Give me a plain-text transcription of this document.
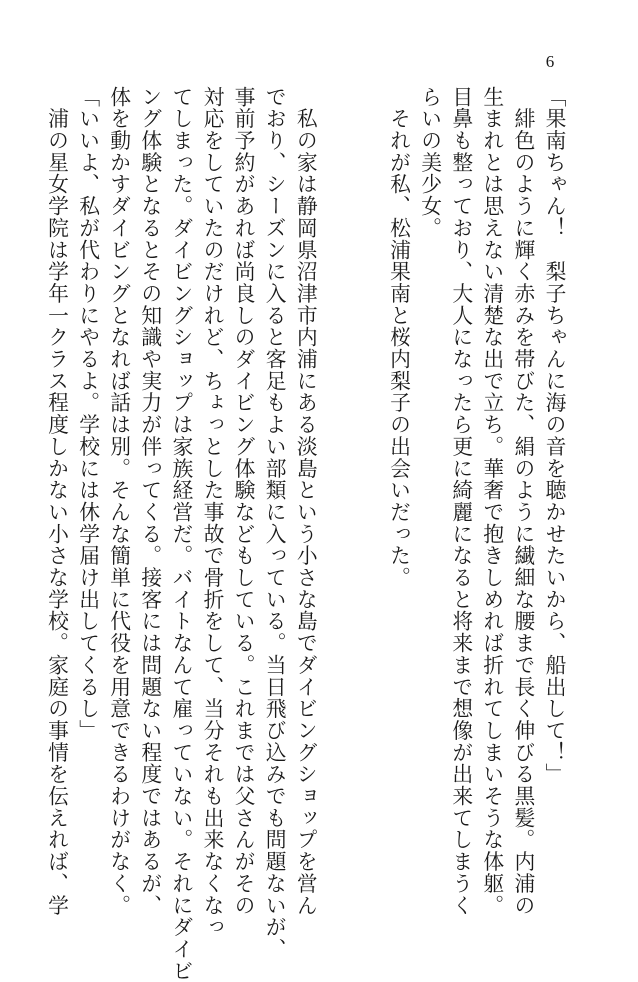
6
「果南ちゃん！　梨子ちゃんに海の音を聴かせたいから、船出して！」
　緋色のように輝く赤みを帯びた、絹のように繊細な腰まで長く伸びる黒髪。内浦の
生まれとは思えない清楚な出で立ち。華奢で抱きしめれば折れてしまいそうな体躯。
目鼻も整っており、大人になったら更に綺麗になると将来まで想像が出来てしまうく
らいの美少女。
　それが私、松浦果南と桜内梨子の出会いだった。
　私の家は静岡県沼津市内浦にある淡島という小さな島でダイビングショップを営ん
でおり、シーズンに入ると客足もよい部類に入っている。当日飛び込みでも問題ないが、
事前予約があれば尚良しのダイビング体験などもしている。これまでは父さんがその
対応をしていたのだけれど、ちょっとした事故で骨折をして、当分それも出来なくなっ
てしまった。ダイビングショップは家族経営だ。バイトなんて雇っていない。それにダイビ
ング体験となるとその知識や実力が伴ってくる。接客には問題ない程度ではあるが、
体を動かすダイビングとなれば話は別。そんな簡単に代役を用意できるわけがなく。
「いいよ、私が代わりにやるよ。学校には休学届け出してくるし」
　浦の星女学院は学年一クラス程度しかない小さな学校。家庭の事情を伝えれば、学
